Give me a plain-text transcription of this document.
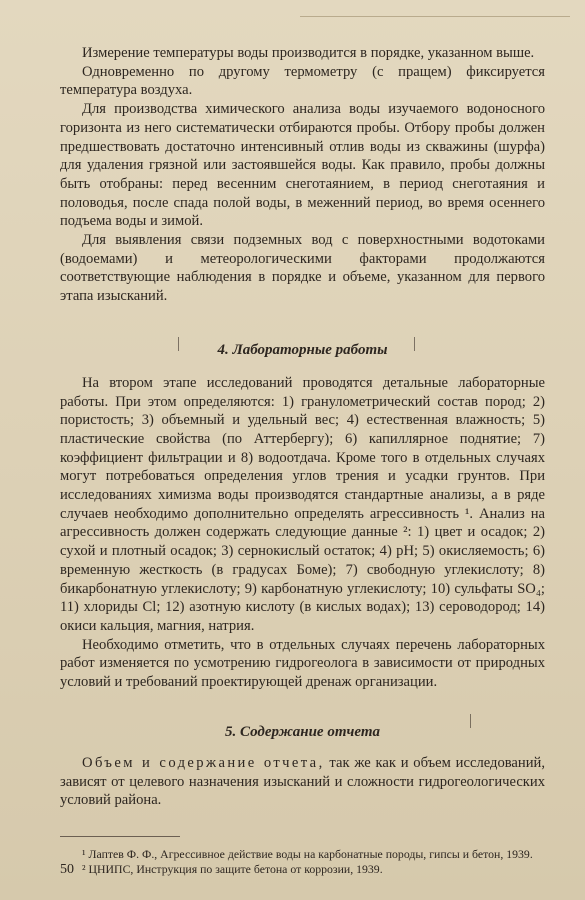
Измерение температуры воды производится в порядке, указанном выше.

Одновременно по другому термометру (с пращем) фиксируется температура воздуха.

Для производства химического анализа воды изучаемого водоносного горизонта из него систематически отбираются пробы. Отбору пробы должен предшествовать достаточно интенсивный отлив воды из скважины (шурфа) для удаления грязной или застоявшейся воды. Как правило, пробы должны быть отобраны: перед весенним снеготаянием, в период снеготаяния и половодья, после спада полой воды, в меженний период, во время осеннего подъема воды и зимой.

Для выявления связи подземных вод с поверхностными водотоками (водоемами) и метеорологическими факторами продолжаются соответствующие наблюдения в порядке и объеме, указанном для первого этапа изысканий.

4. Лабораторные работы

На втором этапе исследований проводятся детальные лабораторные работы. При этом определяются: 1) гранулометрический состав пород; 2) пористость; 3) объемный и удельный вес; 4) естественная влажность; 5) пластические свойства (по Аттербергу); 6) капиллярное поднятие; 7) коэффициент фильтрации и 8) водоотдача. Кроме того в отдельных случаях могут потребоваться определения углов трения и усадки грунтов. При исследованиях химизма воды производятся стандартные анализы, а в ряде случаев необходимо дополнительно определять агрессивность ¹. Анализ на агрессивность должен содержать следующие данные ²: 1) цвет и осадок; 2) сухой и плотный осадок; 3) сернокислый остаток; 4) pH; 5) окисляемость; 6) временную жесткость (в градусах Боме); 7) свободную углекислоту; 8) бикарбонатную углекислоту; 9) карбонатную углекислоту; 10) сульфаты SO₄; 11) хлориды Cl; 12) азотную кислоту (в кислых водах); 13) сероводород; 14) окиси кальция, магния, натрия.

Необходимо отметить, что в отдельных случаях перечень лабораторных работ изменяется по усмотрению гидрогеолога в зависимости от природных условий и требований проектирующей дренаж организации.

5. Содержание отчета

Объем и содержание отчета, так же как и объем исследований, зависят от целевого назначения изысканий и сложности гидрогеологических условий района.

¹ Лаптев Ф. Ф., Агрессивное действие воды на карбонатные породы, гипсы и бетон, 1939.

² ЦНИПС, Инструкция по защите бетона от коррозии, 1939.

50
